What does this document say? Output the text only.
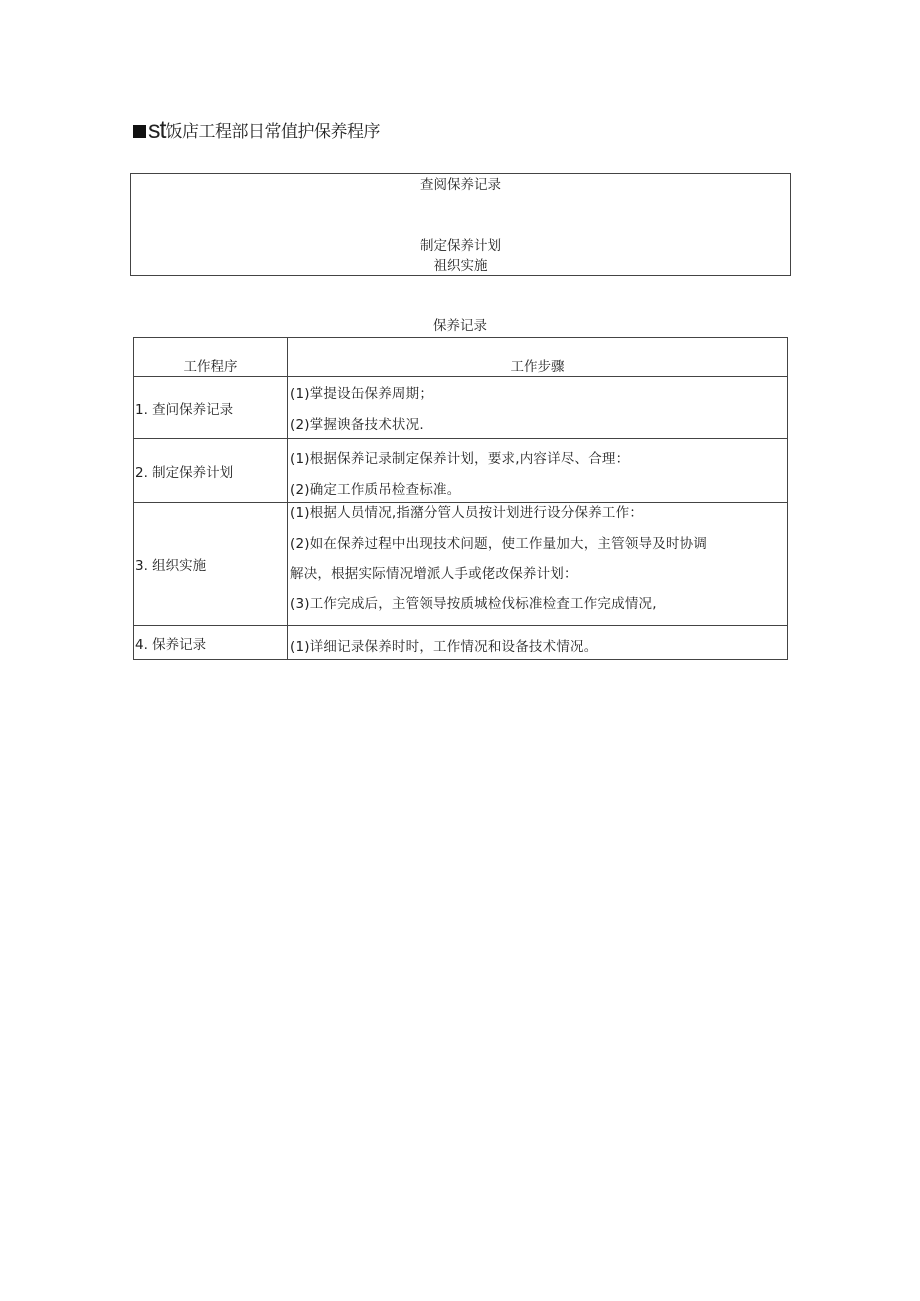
st饭店工程部日常值护保养程序
查阅保养记录
制定保养计划
祖织实施
保养记录
工作程序	工作步骤
1. 查问保养记录	(1)掌提设缶保养周期；
(2)掌握谀备技术状况.

2. 制定保养计划	(1)根据保养记录制定保养计划，要求,内容详尽、合理：
(2)确定工作质吊检查标准。

3. 组织实施	(1)根据人员情况,指潴分管人员按计划进行设分保养工作：
(2)如在保养过程中出现技术问题，使工作量加大，主管领导及时协调
解决，根据实际情况增派人手或佬改保养计划：
(3)工作完成后，主管领导按质城检伐标准检査工作完成情况,

4. 保养记录	(1)详细记录保养时时，工作情况和设备技术情况。
